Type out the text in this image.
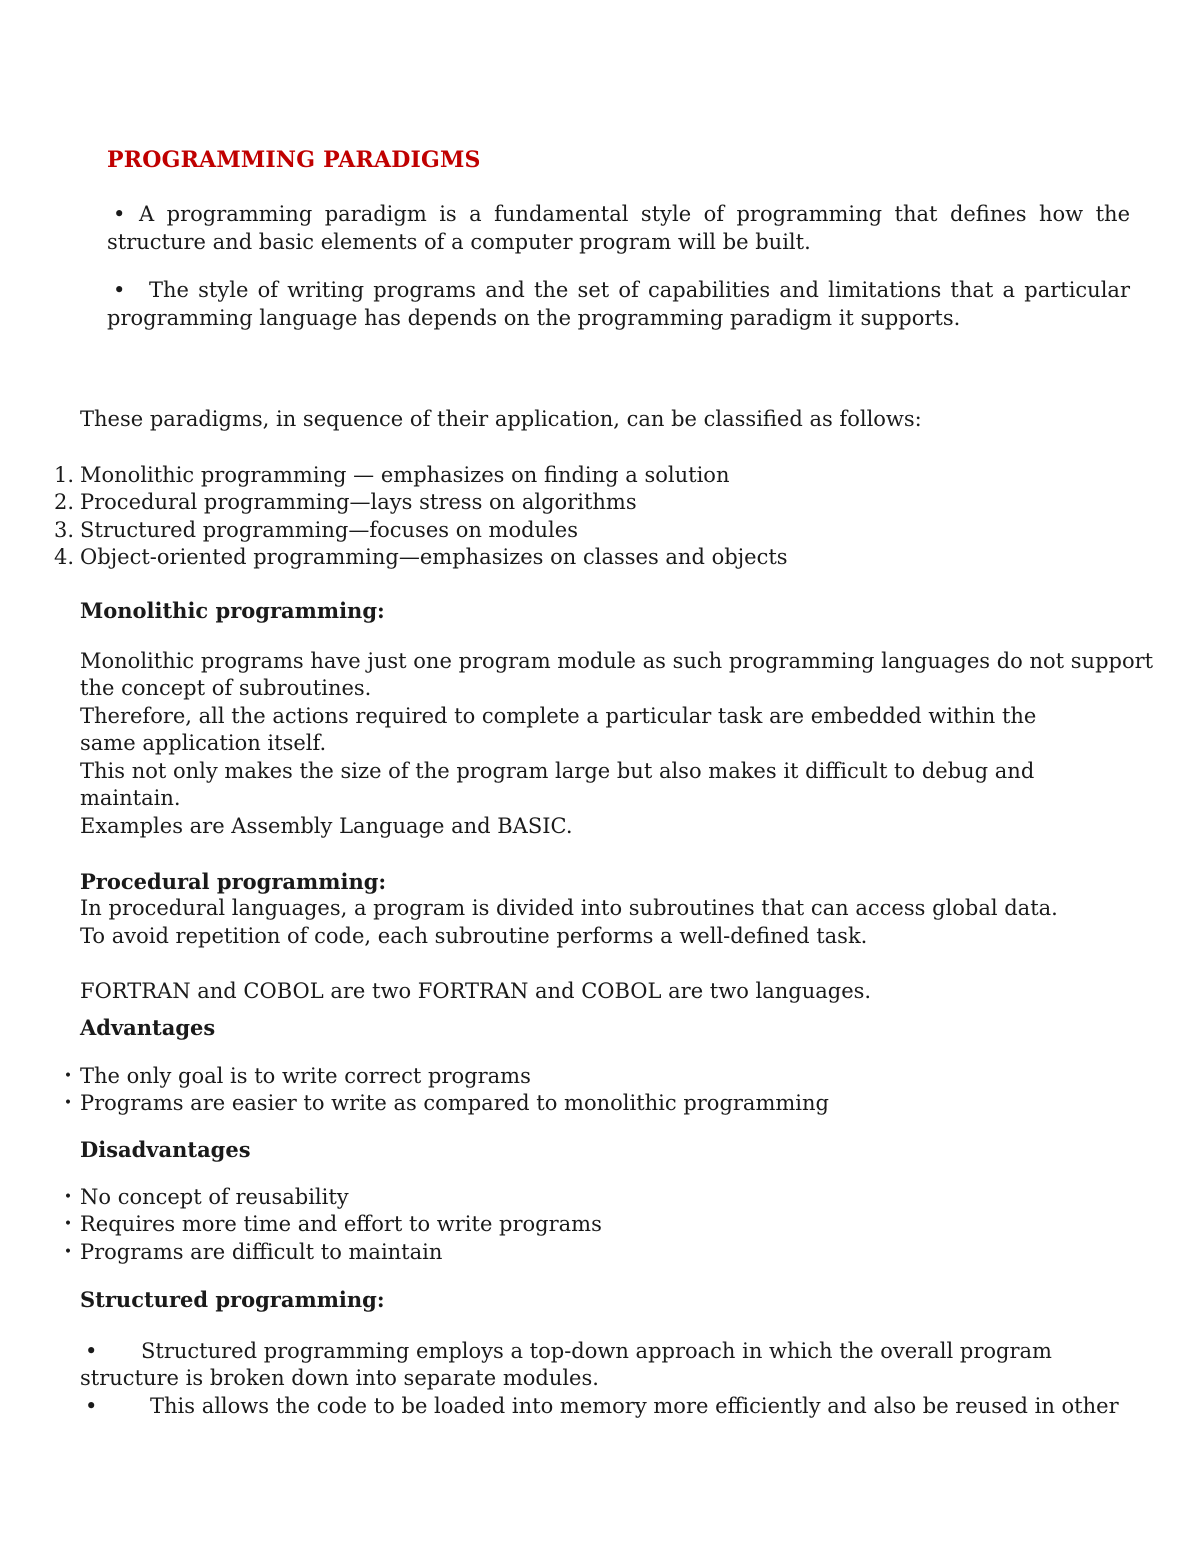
PROGRAMMING PARADIGMS
• A programming paradigm is a fundamental style of programming that defines how the structure and basic elements of a computer program will be built.
• The style of writing programs and the set of capabilities and limitations that a particular programming language has depends on the programming paradigm it supports.
These paradigms, in sequence of their application, can be classified as follows:
1. Monolithic programming — emphasizes on finding a solution
2. Procedural programming—lays stress on algorithms
3. Structured programming—focuses on modules
4. Object-oriented programming—emphasizes on classes and objects
Monolithic programming:
Monolithic programs have just one program module as such programming languages do not support
the concept of subroutines.
Therefore, all the actions required to complete a particular task are embedded within the
same application itself.
This not only makes the size of the program large but also makes it difficult to debug and
maintain.
Examples are Assembly Language and BASIC.
Procedural programming:
In procedural languages, a program is divided into subroutines that can access global data.
To avoid repetition of code, each subroutine performs a well-defined task.
FORTRAN and COBOL are two FORTRAN and COBOL are two languages.
Advantages
• The only goal is to write correct programs
• Programs are easier to write as compared to monolithic programming
Disadvantages
• No concept of reusability
• Requires more time and effort to write programs
• Programs are difficult to maintain
Structured programming:
• Structured programming employs a top-down approach in which the overall program
structure is broken down into separate modules.
•	This allows the code to be loaded into memory more efficiently and also be reused in other
